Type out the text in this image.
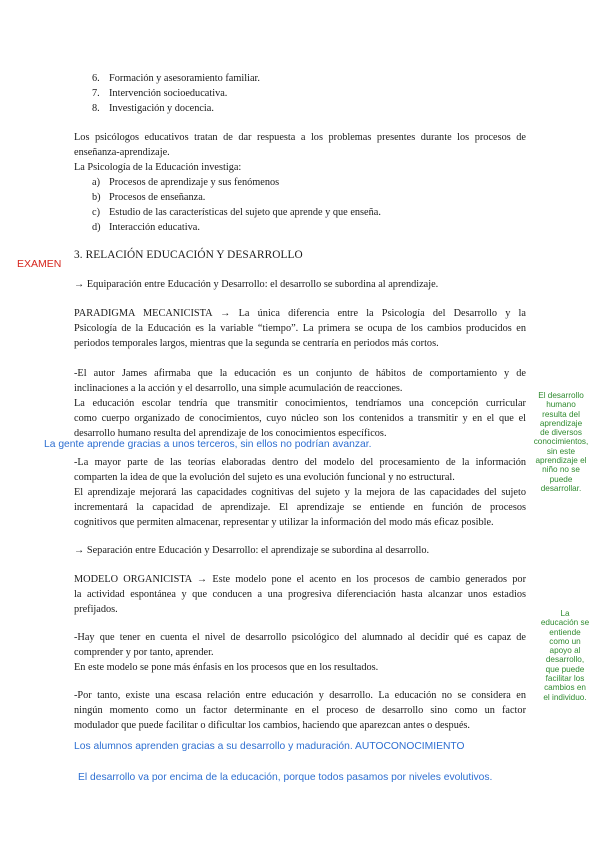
6. Formación y asesoramiento familiar.
7. Intervención socioeducativa.
8. Investigación y docencia.
Los psicólogos educativos tratan de dar respuesta a los problemas presentes durante los procesos de
enseñanza-aprendizaje.
La Psicología de la Educación investiga:
a) Procesos de aprendizaje y sus fenómenos
b) Procesos de enseñanza.
c) Estudio de las características del sujeto que aprende y que enseña.
d) Interacción educativa.
EXAMEN
3. RELACIÓN EDUCACIÓN Y DESARROLLO
→ Equiparación entre Educación y Desarrollo: el desarrollo se subordina al aprendizaje.
PARADIGMA MECANICISTA → La única diferencia entre la Psicología del Desarrollo y la
Psicología de la Educación es la variable “tiempo”. La primera se ocupa de los cambios producidos en
periodos temporales largos, mientras que la segunda se centraría en periodos más cortos.
-El autor James afirmaba que la educación es un conjunto de hábitos de comportamiento y de
inclinaciones a la acción y el desarrollo, una simple acumulación de reacciones.
La educación escolar tendría que transmitir conocimientos, tendríamos una concepción curricular
como cuerpo organizado de conocimientos, cuyo núcleo son los contenidos a transmitir y en el que el
desarrollo humano resulta del aprendizaje de los conocimientos específicos.
La gente aprende gracias a unos terceros, sin ellos no podrían avanzar.
-La mayor parte de las teorías elaboradas dentro del modelo del procesamiento de la información
comparten la idea de que la evolución del sujeto es una evolución funcional y no estructural.
El aprendizaje mejorará las capacidades cognitivas del sujeto y la mejora de las capacidades del sujeto
incrementará la capacidad de aprendizaje. El aprendizaje se entiende en función de procesos
cognitivos que permiten almacenar, representar y utilizar la información del modo más eficaz posible.
→ Separación entre Educación y Desarrollo: el aprendizaje se subordina al desarrollo.
MODELO ORGANICISTA → Este modelo pone el acento en los procesos de cambio generados por
la actividad espontánea y que conducen a una progresiva diferenciación hasta alcanzar unos estadios
prefijados.
-Hay que tener en cuenta el nivel de desarrollo psicológico del alumnado al decidir qué es capaz de
comprender y por tanto, aprender.
En este modelo se pone más énfasis en los procesos que en los resultados.
-Por tanto, existe una escasa relación entre educación y desarrollo. La educación no se considera en
ningún momento como un factor determinante en el proceso de desarrollo sino como un factor
modulador que puede facilitar o dificultar los cambios, haciendo que aparezcan antes o después.
Los alumnos aprenden gracias a su desarrollo y maduración. AUTOCONOCIMIENTO
El desarrollo va por encima de la educación, porque todos pasamos por niveles evolutivos.
El desarrollo
humano
resulta del
aprendizaje
de diversos
conocimientos,
sin este
aprendizaje el
niño no se
puede
desarrollar.
La
educación se
entiende
como un
apoyo al
desarrollo,
que puede
facilitar los
cambios en
el individuo.
